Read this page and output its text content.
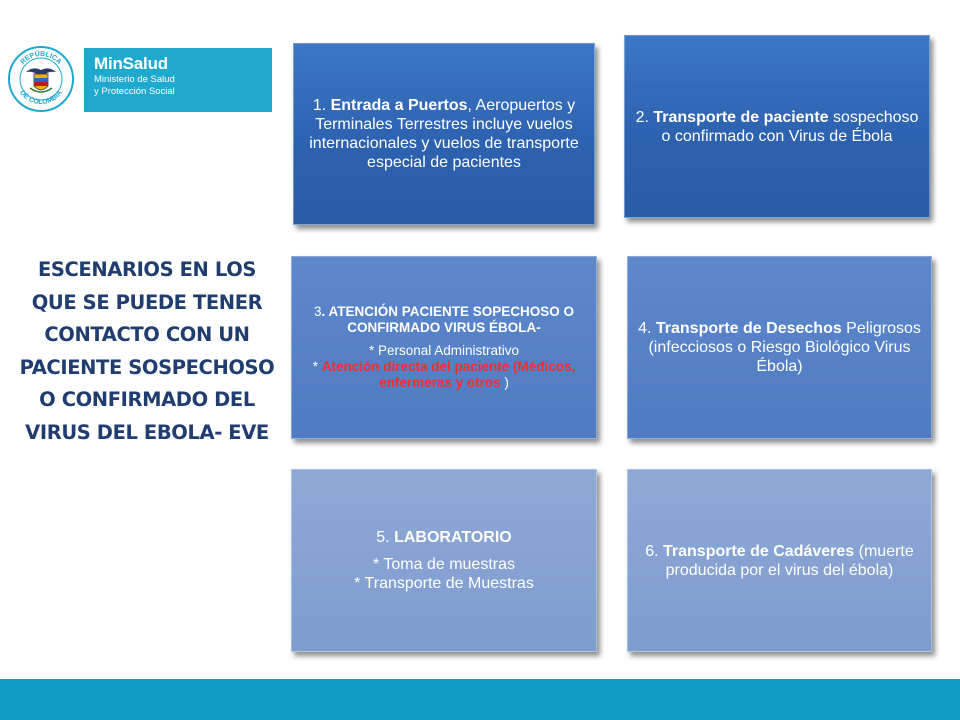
REPÚBLICA
DE COLOMBIA
MinSalud
Ministerio de Salud
y Protección Social
ESCENARIOS EN LOS QUE SE PUEDE TENER CONTACTO CON UN PACIENTE SOSPECHOSO O CONFIRMADO DEL VIRUS DEL EBOLA- EVE

1. Entrada a Puertos, Aeropuertos y Terminales Terrestres incluye vuelos internacionales y vuelos de transporte especial de pacientes

2. Transporte de paciente sospechoso o confirmado con Virus de Ébola

3. ATENCIÓN PACIENTE SOPECHOSO O CONFIRMADO VIRUS ÉBOLA-

* Personal Administrativo

* Atención directa del paciente (Médicos, enfermeras y otros )

4. Transporte de Desechos Peligrosos (infecciosos o Riesgo Biológico Virus Ébola)

5. LABORATORIO

* Toma de muestras

* Transporte de Muestras

6. Transporte de Cadáveres (muerte producida por el virus del ébola)
